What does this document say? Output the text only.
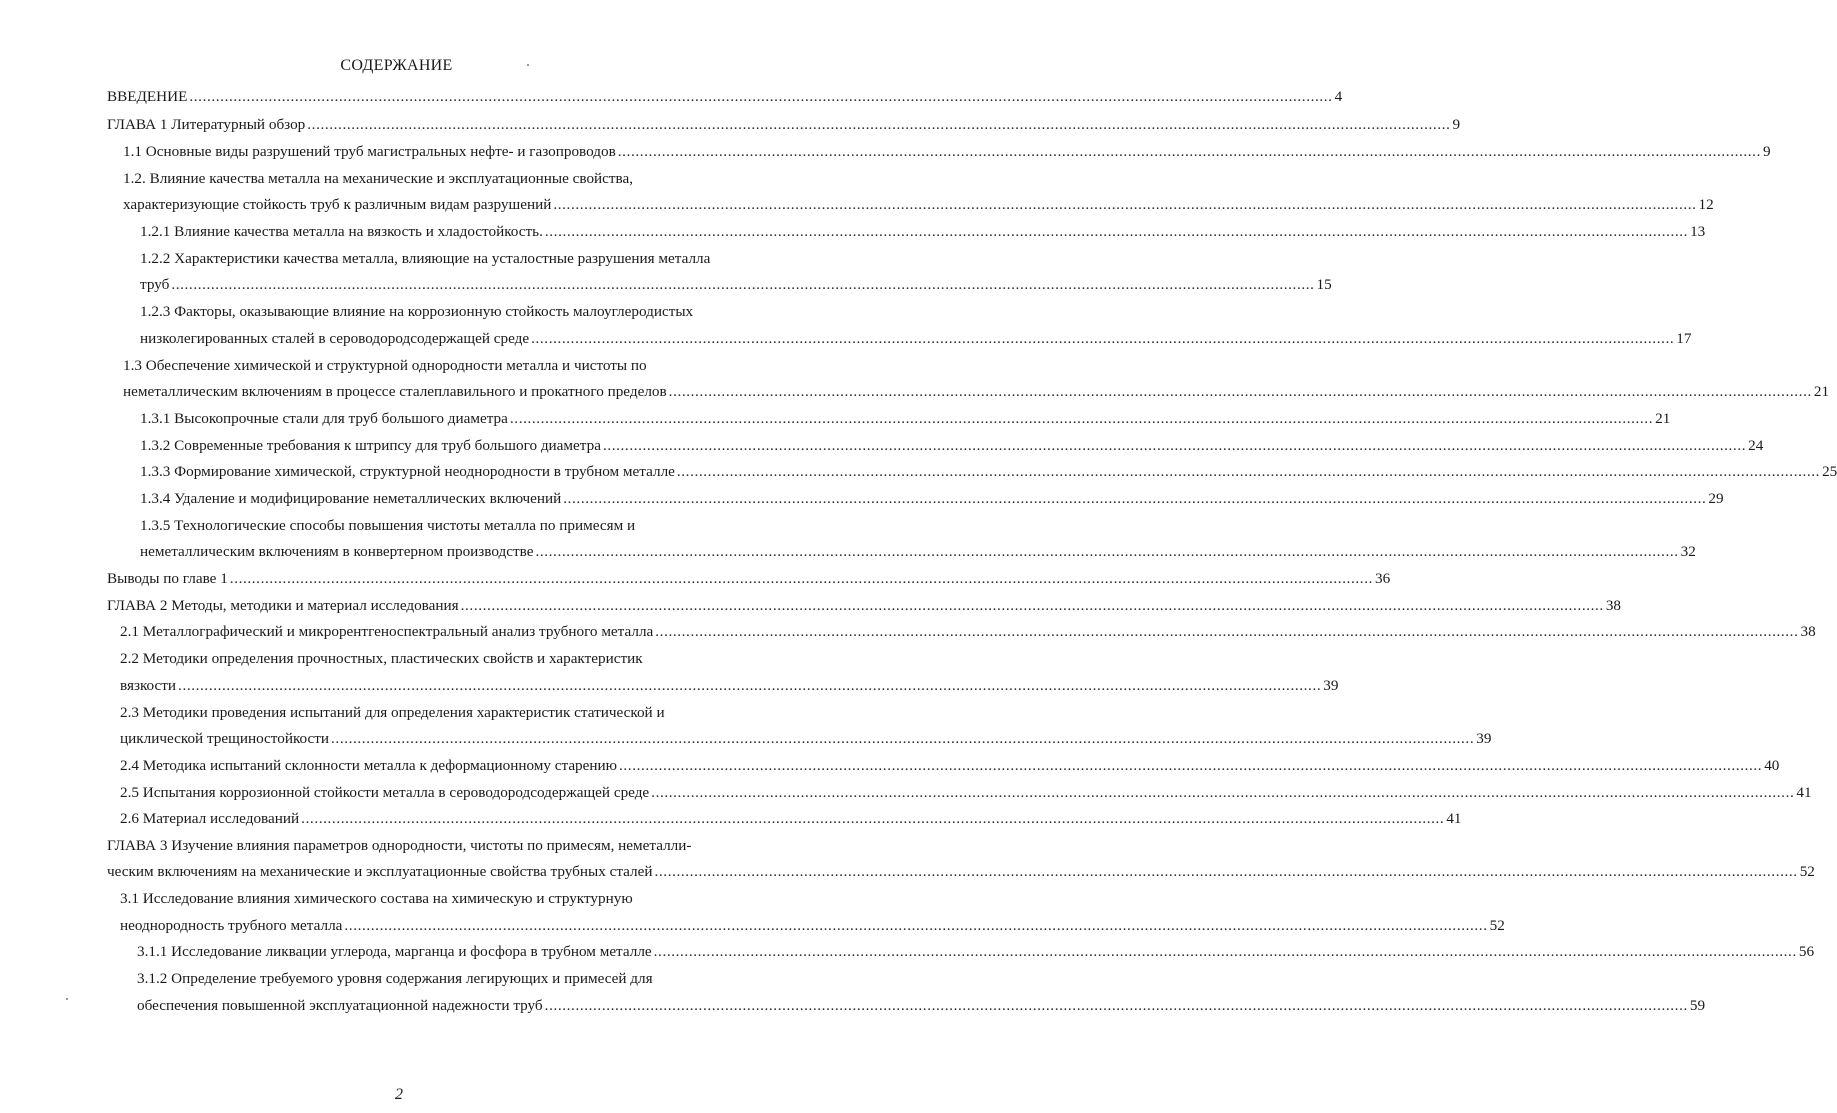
СОДЕРЖАНИЕ
ВВЕДЕНИЕ .................................................................................................................................................................................................................................................................... 4
ГЛАВА 1 Литературный обзор .................................................................................................................................................................................................................................................................... 9
1.1 Основные виды разрушений труб магистральных нефте- и газопроводов .................................................................................................................................................................................................................................................................... 9
1.2. Влияние качества металла на механические и эксплуатационные свойства,
характеризующие стойкость труб к различным видам разрушений .................................................................................................................................................................................................................................................................... 12
1.2.1 Влияние качества металла на вязкость и хладостойкость. .................................................................................................................................................................................................................................................................... 13
1.2.2 Характеристики качества металла, влияющие на усталостные разрушения металла
труб .................................................................................................................................................................................................................................................................... 15
1.2.3 Факторы, оказывающие влияние на коррозионную стойкость малоуглеродистых
низколегированных сталей в сероводородсодержащей среде .................................................................................................................................................................................................................................................................... 17
1.3 Обеспечение химической и структурной однородности металла и чистоты по
неметаллическим включениям в процессе сталеплавильного и прокатного пределов .................................................................................................................................................................................................................................................................... 21
1.3.1 Высокопрочные стали для труб большого диаметра .................................................................................................................................................................................................................................................................... 21
1.3.2 Современные требования к штрипсу для труб большого диаметра .................................................................................................................................................................................................................................................................... 24
1.3.3 Формирование химической, структурной неоднородности в трубном металле .................................................................................................................................................................................................................................................................... 25
1.3.4 Удаление и модифицирование неметаллических включений .................................................................................................................................................................................................................................................................... 29
1.3.5 Технологические способы повышения чистоты металла по примесям и
неметаллическим включениям в конвертерном производстве .................................................................................................................................................................................................................................................................... 32
Выводы по главе 1 .................................................................................................................................................................................................................................................................... 36
ГЛАВА 2 Методы, методики и материал исследования .................................................................................................................................................................................................................................................................... 38
2.1 Металлографический и микрорентгеноспектральный анализ трубного металла .................................................................................................................................................................................................................................................................... 38
2.2 Методики определения прочностных, пластических свойств и характеристик
вязкости .................................................................................................................................................................................................................................................................... 39
2.3 Методики проведения испытаний для определения характеристик статической и
циклической трещиностойкости .................................................................................................................................................................................................................................................................... 39
2.4 Методика испытаний склонности металла к деформационному старению .................................................................................................................................................................................................................................................................... 40
2.5 Испытания коррозионной стойкости металла в сероводородсодержащей среде .................................................................................................................................................................................................................................................................... 41
2.6 Материал исследований .................................................................................................................................................................................................................................................................... 41
ГЛАВА 3 Изучение влияния параметров однородности, чистоты по примесям, неметалли-
ческим включениям на механические и эксплуатационные свойства трубных сталей .................................................................................................................................................................................................................................................................... 52
3.1 Исследование влияния химического состава на химическую и структурную
неоднородность трубного металла .................................................................................................................................................................................................................................................................... 52
3.1.1 Исследование ликвации углерода, марганца и фосфора в трубном металле .................................................................................................................................................................................................................................................................... 56
3.1.2 Определение требуемого уровня содержания легирующих и примесей для
обеспечения повышенной эксплуатационной надежности труб .................................................................................................................................................................................................................................................................... 59
2
